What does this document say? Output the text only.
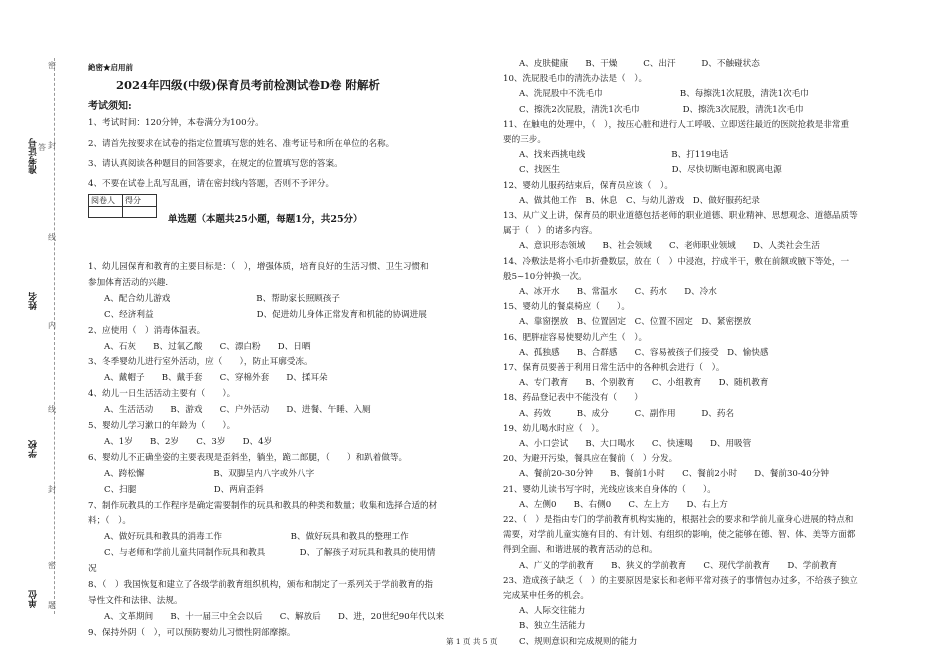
准考证号
姓名
学校
单位
密
封
线
内
线
封
密
题
答
絶密★启用前
2024年四级(中级)保育员考前检测试卷D卷 附解析
考试须知:
1、考试时间：120分钟，本卷满分为100分。
2、请首先按要求在试卷的指定位置填写您的姓名、准考证号和所在单位的名称。
3、请认真阅读各种题目的回答要求，在规定的位置填写您的答案。
4、不要在试卷上乱写乱画，请在密封线内答题，否则不予评分。
阅卷人	得分

单选题（本题共25小题，每题1分，共25分）
1、幼儿园保育和教育的主要目标是：（　），增强体质，培育良好的生活习惯、卫生习惯和
参加体育活动的兴趣.
A、配合幼儿游戏　　　　　　　　　　B、帮助家长照顾孩子
C、经济利益　　　　　　　　　　　　D、促进幼儿身体正常发育和机能的协调进展
2、应使用（　）消毒体温表。
A、石灰　　B、过氧乙酸　　C、漂白粉　　D、日晒
3、冬季婴幼儿进行室外活动，应（　　），防止耳廓受冻。
A、戴帽子　　B、戴手套　　C、穿棉外套　　D、揉耳朵
4、幼儿一日生活活动主要有（　　）。
A、生活活动　　B、游戏　　C、户外活动　　D、进餐、午睡、入厕
5、婴幼儿学习漱口的年龄为（　　）。
A、1岁　　B、2岁　　C、3岁　　D、4岁
6、婴幼儿不正确坐姿的主要表现是歪斜坐，躺坐，跪二郎腿，（　　）和趴着做等。
A、跨松懈　　　　　　　　B、双脚呈内八字或外八字
C、扫腿　　　　　　　　　D、两肩歪斜
7、制作玩教具的工作程序是确定需要制作的玩具和教具的种类和数量；收集和选择合适的材
料；（　）。
A、做好玩具和教具的消毒工作　　　　　　　　B、做好玩具和教具的整理工作
C、与老师和学前儿童共同制作玩具和教具　　　　D、了解孩子对玩具和教具的使用情
况
8、（　）我国恢复和建立了各级学前教育组织机构，颁布和制定了一系列关于学前教育的指
导性文件和法律、法规。
A、文革期间　　B、十一届三中全会以后　　C、解放后　　D、进，20世纪90年代以来
9、保持外阴（　），可以预防婴幼儿习惯性阴部摩擦。
A、皮肤健康　　B、干燥　　　C、出汗　　　D、不触碰状态
10、洗屁股毛巾的清洗办法是（　）。
A、洗屁股中不洗毛巾　　　　　　　　　B、每擦洗1次屁股，清洗1次毛巾
C、擦洗2次屁股，清洗1次毛巾　　　　　D、擦洗3次屁股，清洗1次毛巾
11、在触电的处理中，（　），按压心脏和进行人工呼吸、立即送往最近的医院抢救是非常重
要的三步。
A、找来西挑电线　　　　　　　　　　B、打119电话
C、找医生　　　　　　　　　　　　　D、尽快切断电源和脱离电源
12、婴幼儿服药结束后，保育员应该（　）。
A、做其他工作　B、休息　C、与幼儿游戏　D、做好服药纪录
13、从广义上讲，保育员的职业道德包括老师的职业道德、职业精神、思想观念、道德品质等
属于（　）的诸多内容。
A、意识形态领域　　B、社会领域　　C、老师职业领域　　D、人类社会生活
14、冷敷法是将小毛巾折叠数层，放在（　）中浸泡，拧成半干，敷在前额或腋下等处，一
般5~10分钟换一次。
A、冰开水　　B、常温水　　C、药水　　D、冷水
15、婴幼儿的餐桌椅应（　　）。
A、靠窗摆放　B、位置固定　C、位置不固定　D、紧密摆放
16、肥胖症容易使婴幼儿产生（　）。
A、孤独感　　B、合群感　　C、容易被孩子们接受　D、愉快感
17、保育员要善于利用日常生活中的各种机会进行（　）。
A、专门教育　　B、个别教育　　C、小组教育　　D、随机教育
18、药品登记表中不能没有（　　）
A、药效　　　B、成分　　　C、副作用　　　D、药名
19、幼儿喝水时应（　）。
A、小口尝试　　B、大口喝水　　C、快速喝　　D、用吸管
20、为避开污染，餐具应在餐前（　）分发。
A、餐前20-30分钟　　B、餐前1小时　　C、餐前2小时　　D、餐前30-40分钟
21、婴幼儿读书写字时，光线应该来自身体的（　　）。
A、左侧0　　B、右侧0　　C、左上方　　D、右上方
22、（　）是指由专门的学前教育机构实施的，根据社会的要求和学前儿童身心进展的特点和
需要，对学前儿童实施有目的、有计划、有组织的影响，使之能够在德、智、体、美等方面都
得到全面、和谐进展的教育活动的总和。
A、广义的学前教育　　B、狭义的学前教育　　C、现代学前教育　　D、学前教育
23、造成孩子缺乏（　）的主要原因是家长和老师平常对孩子的事情包办过多，不给孩子独立
完成某申任务的机会。
A、人际交往能力
B、独立生活能力
C、规则意识和完成规则的能力
第 1 页 共 5 页
